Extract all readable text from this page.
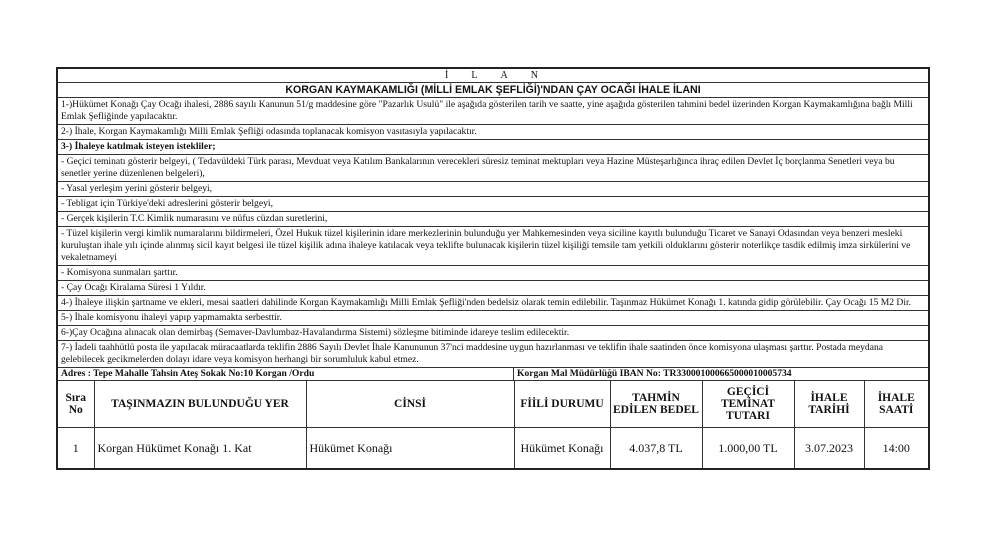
İ L A N
KORGAN KAYMAKAMLIĞI (MİLLİ EMLAK ŞEFLİĞİ)'NDAN ÇAY OCAĞI İHALE İLANI
1-)Hükümet Konağı Çay Ocağı ihalesi, 2886 sayılı Kanunun 51/g maddesine göre "Pazarlık Usulü" ile aşağıda gösterilen tarih ve saatte, yine aşağıda gösterilen tahmini bedel üzerinden Korgan Kaymakamlığına bağlı Milli Emlak Şefliğinde yapılacaktır.
2-) İhale, Korgan Kaymakamlığı Milli Emlak Şefliği odasında toplanacak komisyon vasıtasıyla yapılacaktır.
3-) İhaleye katılmak isteyen istekliler;
- Geçici teminatı gösterir belgeyi, ( Tedavüldeki Türk parası, Mevduat veya Katılım Bankalarının verecekleri süresiz teminat mektupları veya Hazine Müsteşarlığınca ihraç edilen Devlet İç borçlanma Senetleri veya bu senetler yerine düzenlenen belgeleri),
- Yasal yerleşim yerini gösterir belgeyi,
- Tebligat için Türkiye'deki adreslerini gösterir belgeyi,
- Gerçek kişilerin T.C Kimlik numarasını ve nüfus cüzdan suretlerini,
- Tüzel kişilerin vergi kimlik numaralarını bildirmeleri, Özel Hukuk tüzel kişilerinin idare merkezlerinin bulunduğu yer Mahkemesinden veya siciline kayıtlı bulunduğu Ticaret ve Sanayi Odasından veya benzeri mesleki kuruluştan ihale yılı içinde alınmış sicil kayıt belgesi ile tüzel kişilik adına ihaleye katılacak veya teklifte bulunacak kişilerin tüzel kişiliği temsile tam yetkili olduklarını gösterir noterlikçe tasdik edilmiş imza sirkülerini ve vekaletnameyi
- Komisyona sunmaları şarttır.
- Çay Ocağı Kiralama Süresi 1 Yıldır.
4-) İhaleye ilişkin şartname ve ekleri, mesai saatleri dahilinde Korgan Kaymakamlığı Milli Emlak Şefliği'nden bedelsiz olarak temin edilebilir. Taşınmaz Hükümet Konağı 1. katında gidip görülebilir. Çay Ocağı 15 M2 Dir.
5-) İhale komisyonu ihaleyi yapıp yapmamakta serbesttir.
6-)Çay Ocağına alınacak olan demirbaş (Semaver-Davlumbaz-Havalandırma Sistemi) sözleşme bitiminde idareye teslim edilecektir.
7-) İadeli taahhütlü posta ile yapılacak müracaatlarda teklifin 2886 Sayılı Devlet İhale Kanununun 37'nci maddesine uygun hazırlanması ve teklifin ihale saatinden önce komisyona ulaşması şarttır. Postada meydana gelebilecek gecikmelerden dolayı idare veya komisyon herhangi bir sorumluluk kabul etmez.
Adres : Tepe Mahalle Tahsin Ateş Sokak No:10 Korgan /Ordu	Korgan Mal Müdürlüğü IBAN No: TR330001000665000010005734
Sıra No	TAŞINMAZIN BULUNDUĞU YER	CİNSİ	FİİLİ DURUMU	TAHMİN EDİLEN BEDEL	GEÇİCİ TEMİNAT TUTARI	İHALE TARİHİ	İHALE SAATİ
1	Korgan Hükümet Konağı 1. Kat	Hükümet Konağı	Hükümet Konağı	4.037,8 TL	1.000,00 TL	3.07.2023	14:00
